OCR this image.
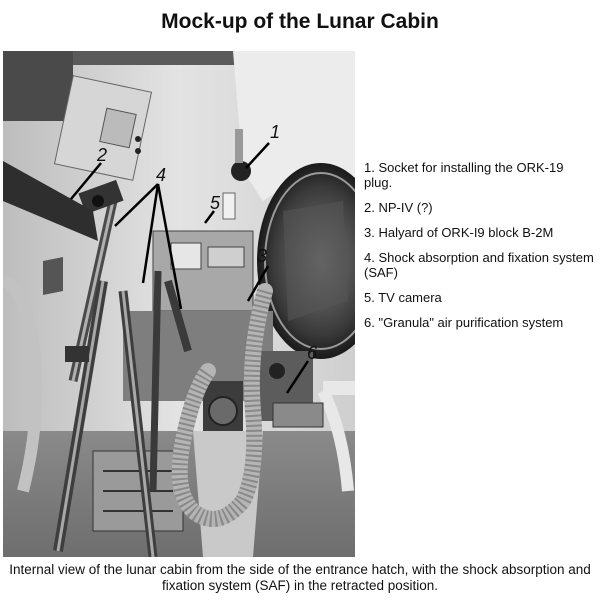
Mock-up of the Lunar Cabin
1
2
3
4
5
6
1. Socket for installing the ORK-19 plug.
2. NP-IV (?)
3. Halyard of ORK-I9 block B-2M
4. Shock absorption and fixation system (SAF)
5. TV camera
6. "Granula" air purification system
Internal view of the lunar cabin from the side of the entrance hatch, with the shock absorption and fixation system (SAF) in the retracted position.
